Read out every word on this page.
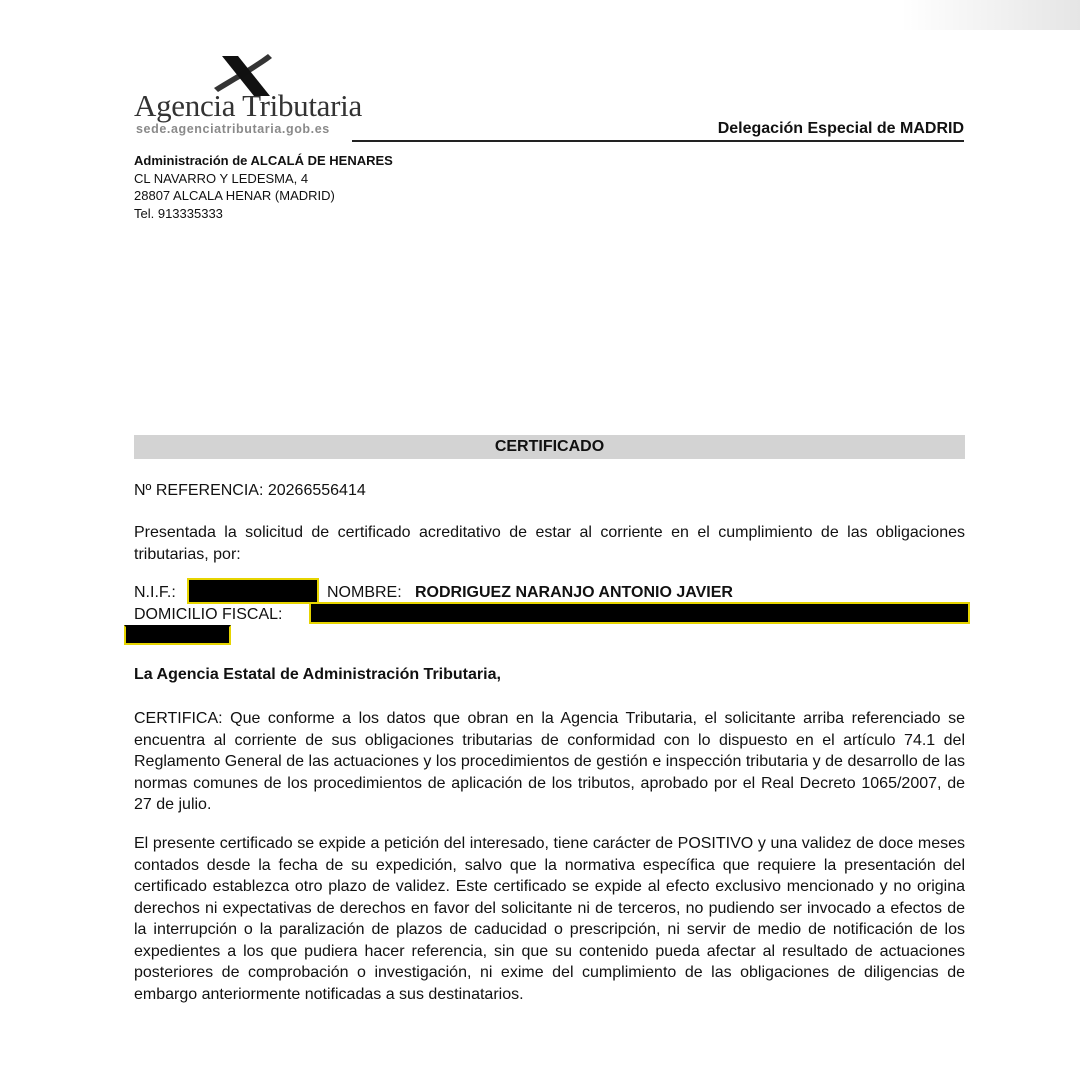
Agencia Tributaria
sede.agenciatributaria.gob.es	Delegación Especial de MADRID
Administración de ALCALÁ DE HENARES
CL NAVARRO Y LEDESMA, 4
28807 ALCALA HENAR (MADRID)
Tel. 913335333
CERTIFICADO
Nº REFERENCIA: 20266556414
Presentada la solicitud de certificado acreditativo de estar al corriente en el cumplimiento de las obligaciones tributarias, por:
N.I.F.:	NOMBRE: RODRIGUEZ NARANJO ANTONIO JAVIER
DOMICILIO FISCAL:
La Agencia Estatal de Administración Tributaria,
CERTIFICA: Que conforme a los datos que obran en la Agencia Tributaria, el solicitante arriba referenciado se encuentra al corriente de sus obligaciones tributarias de conformidad con lo dispuesto en el artículo 74.1 del Reglamento General de las actuaciones y los procedimientos de gestión e inspección tributaria y de desarrollo de las normas comunes de los procedimientos de aplicación de los tributos, aprobado por el Real Decreto 1065/2007, de 27 de julio.
El presente certificado se expide a petición del interesado, tiene carácter de POSITIVO y una validez de doce meses contados desde la fecha de su expedición, salvo que la normativa específica que requiere la presentación del certificado establezca otro plazo de validez. Este certificado se expide al efecto exclusivo mencionado y no origina derechos ni expectativas de derechos en favor del solicitante ni de terceros, no pudiendo ser invocado a efectos de la interrupción o la paralización de plazos de caducidad o prescripción, ni servir de medio de notificación de los expedientes a los que pudiera hacer referencia, sin que su contenido pueda afectar al resultado de actuaciones posteriores de comprobación o investigación, ni exime del cumplimiento de las obligaciones de diligencias de embargo anteriormente notificadas a sus destinatarios.
